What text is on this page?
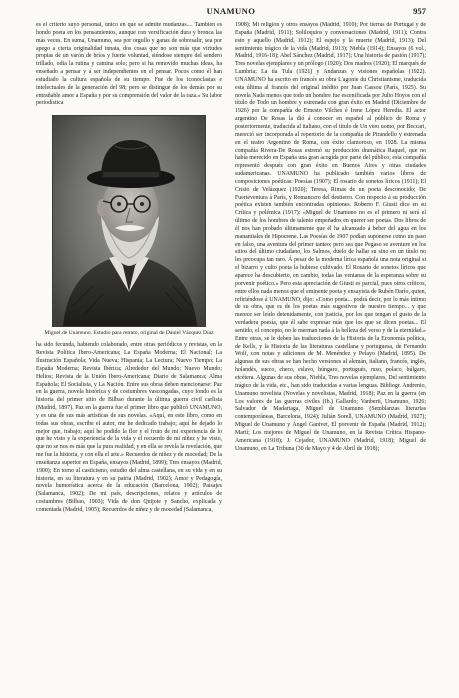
UNAMUNO	957

es el criterio suyo personal, único en que se admite mudanzas.... También es hondo poeta en los pensamientos, aunque con versificación dura y bronca las más veces. En suma, Unamuno, sea por orgullo y ganas de sobresalir, sea por apego a cierta originalidad innata, dos cosas que no son más que virtudes propias de un varón de bríos y fuerte voluntad, siéndose siempre del sendero trillado, odia la rutina y camina solo; pero si ha removido muchas ideas, ha enseñado a pensar y á ser independientes en el pensar. Pocos como él han estudiado la cultura española de su tiempo. Fue de los iconoclastas e intelectuales de la generación del 98; pero se distingue de los demás por su entrañable amor a España y por su comprensión del valor de la raza.» Su labor periodística

Miguel de Unamuno. Estudio para retrato, original de Daniel Vázquez Díaz

ha sido fecunda, habiendo colaborado, entre otras periódicos y revistas, en la Revista Política Ibero-Americana; La España Moderna; El Nacional; La Ilustración Española; Vida Nueva; Hispania; La Lectura; Nuevo Tiempo; La España Moderna; Revista Ibérica; Alrededor del Mundo; Nuevo Mundo; Helios; Revista de la Unión Ibero-Americana; Diario de Salamanca; Alma Española; El Socialista, y La Nación. Entre sus obras deben mencionarse: Paz en la guerra, novela histórica y de costumbres vascongadas, cuyo fondo es la historia del primer sitio de Bilbao durante la última guerra civil carlista (Madrid, 1897). Paz en la guerra fue el primer libro que publicó UNAMUNO, y es una de sus más artísticas de sus novelas. «Aquí, en este libro, como en todas sus obras, escribe el autor, me he dedicado trabajo; aquí he dejado lo mejor que, trabajo; aquí he podido la flor y el fruto de mi experiencia de lo que he visto y la experiencia de la vida y el recuerdo de mi niñez y he visto, que no se nos es más que la pura realidad, y en ella se revela la revelación, que me fue la historia, y con ella el arte.» Recuerdos de niñez y de mocedad; De la enseñanza superior en España, ensayos (Madrid, 1899); Tres ensayos (Madrid, 1900); En torno al casticismo, estudio del alma castellana, en su vida y en su historia, en su literatura y en su patria (Madrid, 1902); Amor y Pedagogía, novela humorística acerca de la educación (Barcelona, 1902); Paisajes (Salamanca, 1902); De mi país, descripciones, relatos y artículos de costumbres (Bilbao, 1903); Vida de don Quijote y Sancho, explicada y comentada (Madrid, 1905); Recuerdos de niñez y de mocedad (Salamanca,

1908); Mi religión y otros ensayos (Madrid, 1910); Por tierras de Portugal y de España (Madrid, 1911); Soliloquios y conversaciones (Madrid, 1911); Contra esto y aquello (Madrid, 1912); El espejo y la muerte (Madrid, 1913); Del sentimiento trágico de la vida (Madrid, 1913); Niebla (1914); Ensayos (6 vol., Madrid, 1916-18); Abel Sánchez (Madrid, 1917); Una historia de pasión (1917); Tres novelas ejemplares y un prólogo (1920); Dos madres (1920); El marqués de Lumbria; La tía Tula (1921) y Andanzas y visiones españolas (1922). UNAMUNO ha escrito en francés su obra L'agonie du Christianisme, traducida esta última al francés del original inédito por Juan Cassou (París, 1925). Su novela Nada menos que todo un hombre fue escenificada por Julio Hoyos con el título de Todo un hombre y estrenada con gran éxito en Madrid (Diciembre de 1926) por la compañía de Ernesto Vilches é Irene López Heredia. El actor argentino De Rosas la dió á conocer en español al público de Roma y posteriormente, traducida al italiano, con el título de Un vero uomo, por Beccari, mereció ser incorporada al repertorio de la compañía de Pirandello y estrenada en el teatro Argentino de Roma, con éxito clamoroso, en 1928. La misma compañía Rivera-De Rosas estrenó su producción dramática Raquel, que no había merecido en España una gran acogida por parte del público; esta compañía representó después con gran éxito en Buenos Aires y otras ciudades sudamericanas. UNAMUNO ha publicado también varios libros de composiciones poéticas: Poesías (1907); El rosario de sonetos líricos (1911); El Cristo de Velázquez (1920); Teresa, Rimas de un poeta desconocido; De Fuerteventura á París, y Romancero del destierro. Con respecto á su producción poética existen también encontradas opiniones. Roberto F. Giusti dice en su Crítica y polémica (1917): «Miguel de Unamuno no es el primero ni será el último de los hombres de talento empeñados en querer ser poetas. Dos libros de él nos han probado últimamente que él ha alcanzado á beber del agua en los manantiales de Hipocrene. Las Poesías de 1907 podían suponerse como un paso en falso, una aventura del primer tanteo; pero sea que Pegaso se aventure en los sitios del último ciudadano, los Salmos, duelo de hallar su sino en un título no les preocupa tan raro. Á pesar de la moderna lírica española una nota original si el bizarro y culto poeta la hubiese cultivado. El Rosario de sonetos líricos que aparece ha descubierto, en cambio, todas las ventanas de la esperanza sobre su porvenir poético.» Pero esta apreciación de Giusti es parcial, pues otros críticos, entre ellos nada menos que el eminente poeta y ensayista de Rubén Darío, quien, refiriéndose á UNAMUNO, dijo: «Como poeta... podrá decir, por lo más íntimo de su obra, que es de los poetas más sugestivos de nuestro tiempo... y que merece ser leído detenidamente, con justicia, por los que tengan el gusto de la verdadera poesía, que él sabe expresar más que los que se dicen poetas... El sentido, el concepto, no le merman nada á la belleza del verso y de la eternidad.» Entre otras, se le deben las traducciones de la Historia de la Economía política, de Kells, y la Historia de las literaturas castellana y portuguesa, de Fernando Wolf, con notas y adiciones de M. Menéndez y Pelayo (Madrid, 1895). De algunas de sus obras se han hecho versiones al alemán, italiano, francés, inglés, holandés, sueco, checo, eslavo, húngaro, portugués, ruso, polaco, búlgaro, etcétera. Algunas de sus obras, Niebla, Tres novelas ejemplares, Del sentimiento trágico de la vida, etc., han sido traducidas a varias lenguas. Bibliogr. Andrenio, Unamuno novelista (Novelas y novelistas, Madrid, 1918); Paz en la guerra (en Los valores de las guerras civiles (Ib.) Gallardo; Vanbertí, Unamuno, 1926; Salvador de Madariaga, Miguel de Unamuno (Semblanzas literarias contemporáneas, Barcelona, 1924); Julián Sorell, UNAMUNO (Madrid, 1927); Miguel de Unamuno y Ángel Ganivet, El porvenir de España (Madrid, 1912); Martí; Los mejores de Miguel de Unamuno, en la Revista Crítica Hispano-Americana (1918); J. Cejador, UNAMUNO (Madrid, 1918); Miguel de Unamuno, en La Tribuna (30 de Mayo y 4 de Abril de 1918);
